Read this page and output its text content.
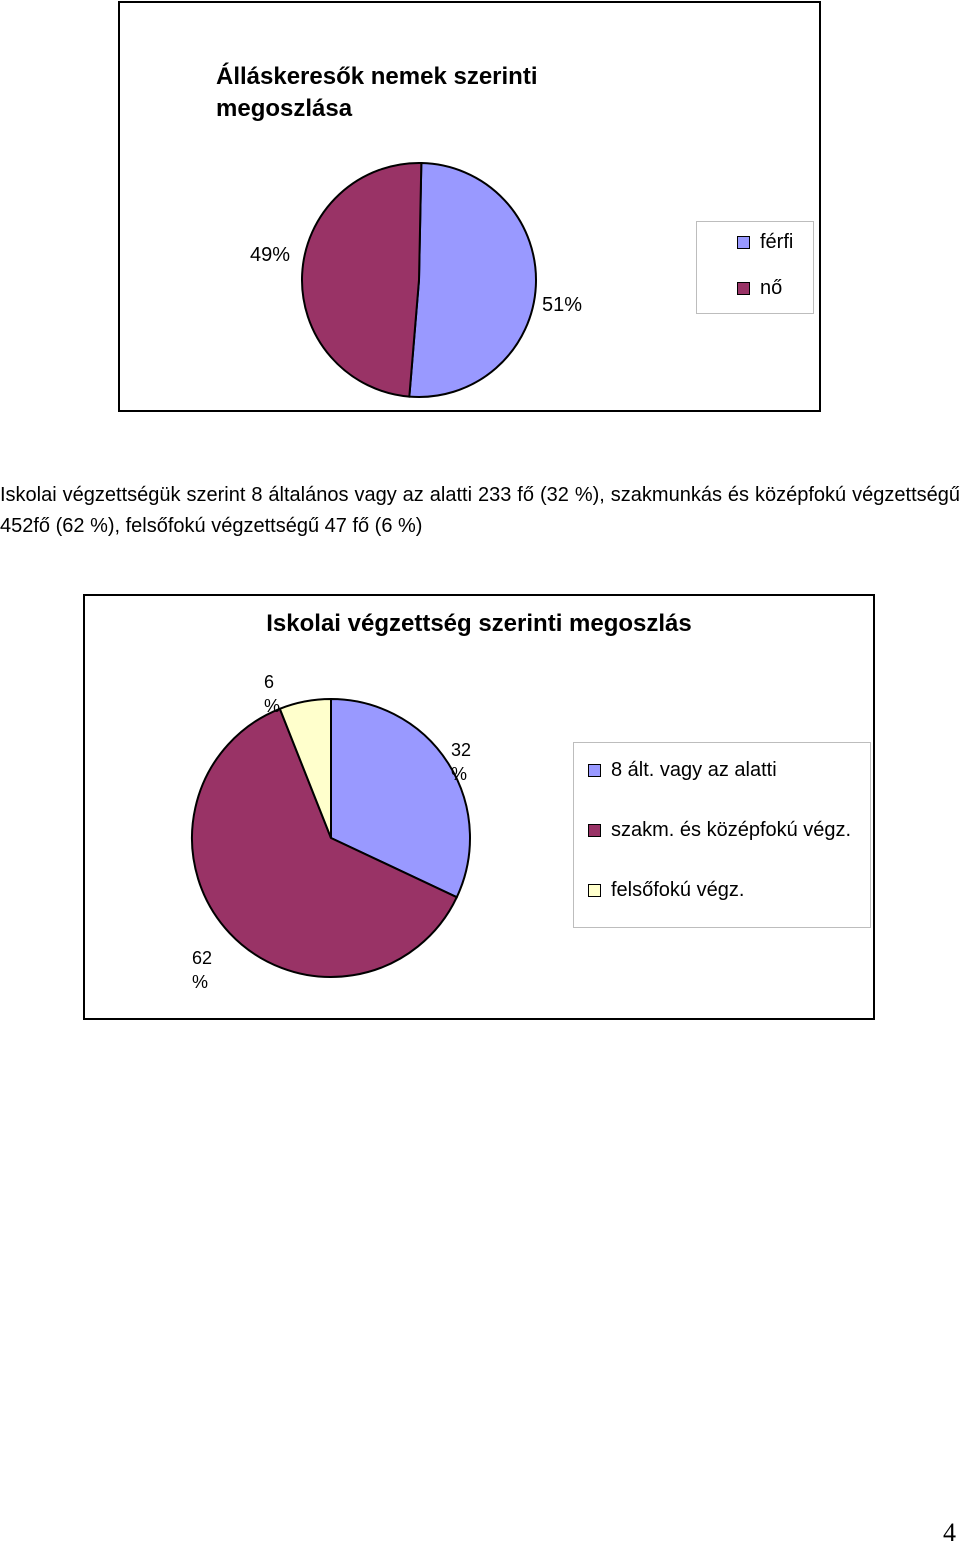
Álláskeresők nemek szerinti megoszlása
49%
51%
férfi
nő
Iskolai végzettségük szerint 8 általános vagy az alatti 233 fő (32 %), szakmunkás és középfokú végzettségű 452fő (62 %), felsőfokú végzettségű 47 fő (6 %)
Iskolai végzettség szerinti megoszlás
6
%
32
%
62
%
8 ált. vagy az alatti
szakm. és középfokú végz.
felsőfokú végz.
4
